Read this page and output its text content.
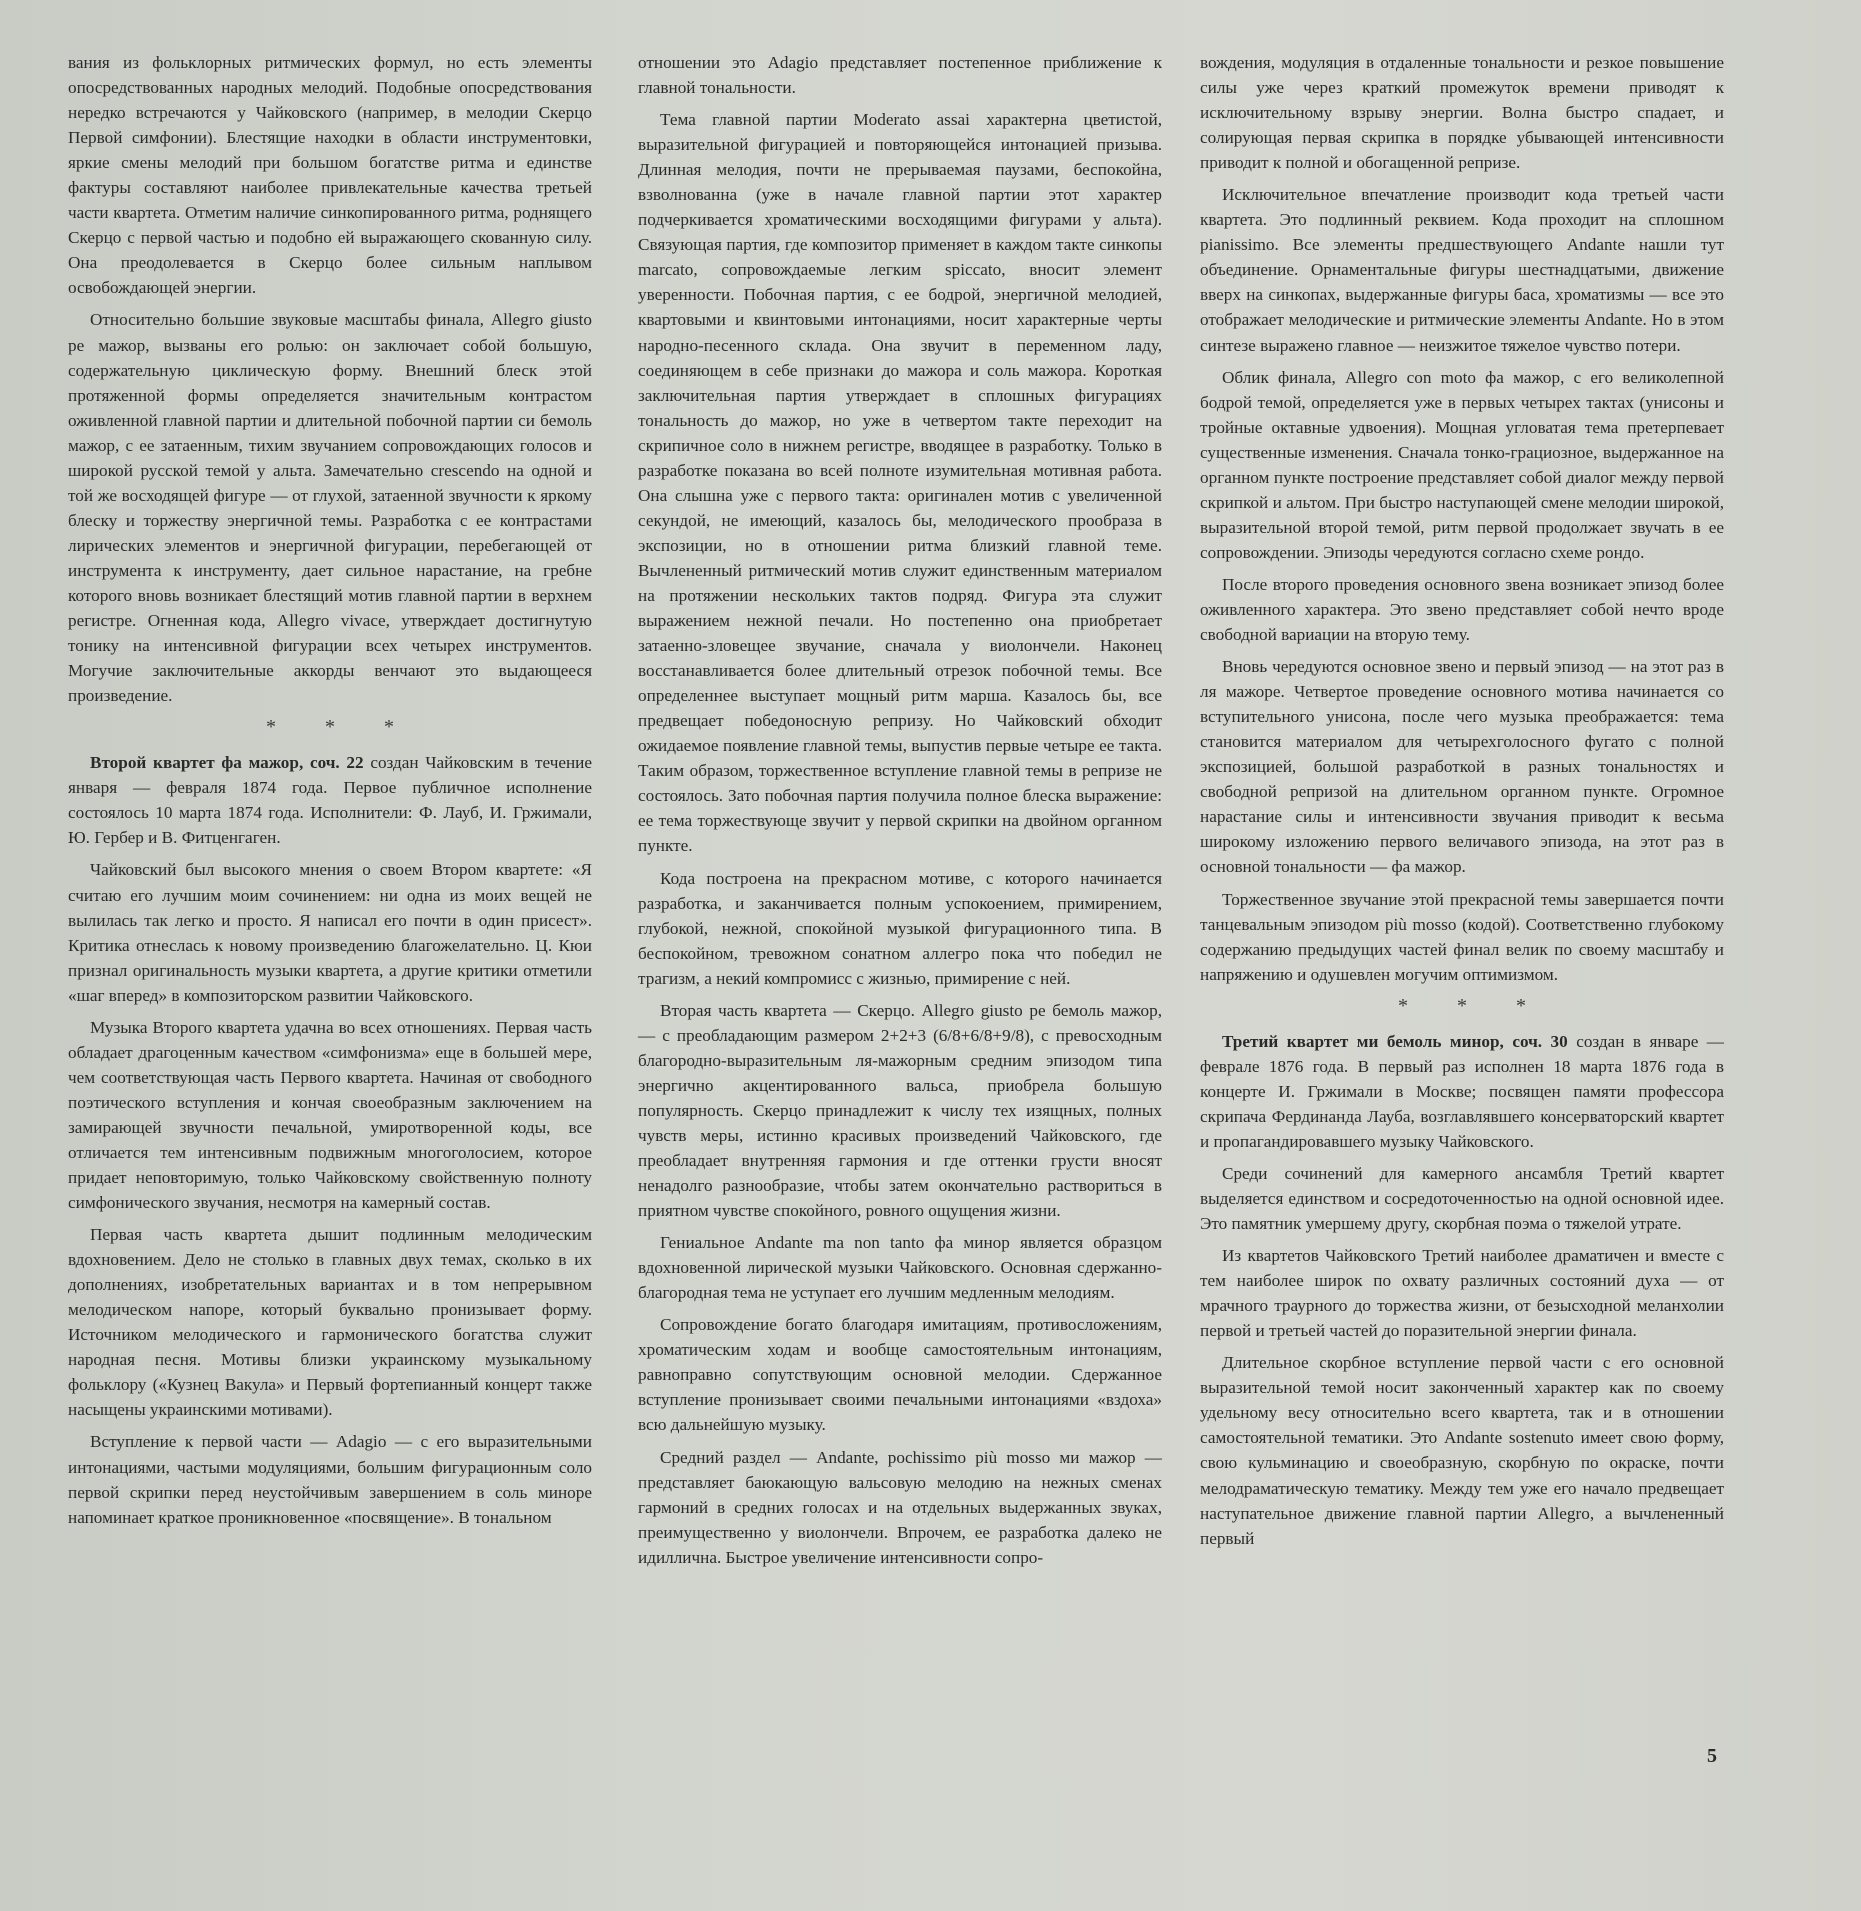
вания из фольклорных ритмических формул, но есть элементы опосредствованных народных мелодий. Подобные опосредствования нередко встречаются у Чайковского (например, в мелодии Скерцо Первой симфонии). Блестящие находки в области инструментовки, яркие смены мелодий при большом богатстве ритма и единстве фактуры составляют наиболее привлекательные качества третьей части квартета. Отметим наличие синкопированного ритма, роднящего Скерцо с первой частью и подобно ей выражающего скованную силу. Она преодолевается в Скерцо более сильным наплывом освобождающей энергии.

Относительно большие звуковые масштабы финала, Allegro giusto ре мажор, вызваны его ролью: он заключает собой большую, содержательную циклическую форму. Внешний блеск этой протяженной формы определяется значительным контрастом оживленной главной партии и длительной побочной партии си бемоль мажор, с ее затаенным, тихим звучанием сопровождающих голосов и широкой русской темой у альта. Замечательно crescendo на одной и той же восходящей фигуре — от глухой, затаенной звучности к яркому блеску и торжеству энергичной темы. Разработка с ее контрастами лирических элементов и энергичной фигурации, перебегающей от инструмента к инструменту, дает сильное нарастание, на гребне которого вновь возникает блестящий мотив главной партии в верхнем регистре. Огненная кода, Allegro vivace, утверждает достигнутую тонику на интенсивной фигурации всех четырех инструментов. Могучие заключительные аккорды венчают это выдающееся произведение.

* * *

Второй квартет фа мажор, соч. 22 создан Чайковским в течение января — февраля 1874 года. Первое публичное исполнение состоялось 10 марта 1874 года. Исполнители: Ф. Лауб, И. Гржимали, Ю. Гербер и В. Фитценгаген.

Чайковский был высокого мнения о своем Втором квартете: «Я считаю его лучшим моим сочинением: ни одна из моих вещей не вылилась так легко и просто. Я написал его почти в один присест». Критика отнеслась к новому произведению благожелательно. Ц. Кюи признал оригинальность музыки квартета, а другие критики отметили «шаг вперед» в композиторском развитии Чайковского.

Музыка Второго квартета удачна во всех отношениях. Первая часть обладает драгоценным качеством «симфонизма» еще в большей мере, чем соответствующая часть Первого квартета. Начиная от свободного поэтического вступления и кончая своеобразным заключением на замирающей звучности печальной, умиротворенной коды, все отличается тем интенсивным подвижным многоголосием, которое придает неповторимую, только Чайковскому свойственную полноту симфонического звучания, несмотря на камерный состав.

Первая часть квартета дышит подлинным мелодическим вдохновением. Дело не столько в главных двух темах, сколько в их дополнениях, изобретательных вариантах и в том непрерывном мелодическом напоре, который буквально пронизывает форму. Источником мелодического и гармонического богатства служит народная песня. Мотивы близки украинскому музыкальному фольклору («Кузнец Вакула» и Первый фортепианный концерт также насыщены украинскими мотивами).

Вступление к первой части — Adagio — с его выразительными интонациями, частыми модуляциями, большим фигурационным соло первой скрипки перед неустойчивым завершением в соль миноре напоминает краткое проникновенное «посвящение». В тональном

отношении это Adagio представляет постепенное приближение к главной тональности.

Тема главной партии Moderato assai характерна цветистой, выразительной фигурацией и повторяющейся интонацией призыва. Длинная мелодия, почти не прерываемая паузами, беспокойна, взволнованна (уже в начале главной партии этот характер подчеркивается хроматическими восходящими фигурами у альта). Связующая партия, где композитор применяет в каждом такте синкопы marcato, сопровождаемые легким spiccato, вносит элемент уверенности. Побочная партия, с ее бодрой, энергичной мелодией, квартовыми и квинтовыми интонациями, носит характерные черты народно-песенного склада. Она звучит в переменном ладу, соединяющем в себе признаки до мажора и соль мажора. Короткая заключительная партия утверждает в сплошных фигурациях тональность до мажор, но уже в четвертом такте переходит на скрипичное соло в нижнем регистре, вводящее в разработку. Только в разработке показана во всей полноте изумительная мотивная работа. Она слышна уже с первого такта: оригинален мотив с увеличенной секундой, не имеющий, казалось бы, мелодического прообраза в экспозиции, но в отношении ритма близкий главной теме. Вычлененный ритмический мотив служит единственным материалом на протяжении нескольких тактов подряд. Фигура эта служит выражением нежной печали. Но постепенно она приобретает затаенно-зловещее звучание, сначала у виолончели. Наконец восстанавливается более длительный отрезок побочной темы. Все определеннее выступает мощный ритм марша. Казалось бы, все предвещает победоносную репризу. Но Чайковский обходит ожидаемое появление главной темы, выпустив первые четыре ее такта. Таким образом, торжественное вступление главной темы в репризе не состоялось. Зато побочная партия получила полное блеска выражение: ее тема торжествующе звучит у первой скрипки на двойном органном пункте.

Кода построена на прекрасном мотиве, с которого начинается разработка, и заканчивается полным успокоением, примирением, глубокой, нежной, спокойной музыкой фигурационного типа. В беспокойном, тревожном сонатном аллегро пока что победил не трагизм, а некий компромисс с жизнью, примирение с ней.

Вторая часть квартета — Скерцо. Allegro giusto ре бемоль мажор, — с преобладающим размером 2+2+3 (6/8+6/8+9/8), с превосходным благородно-выразительным ля-мажорным средним эпизодом типа энергично акцентированного вальса, приобрела большую популярность. Скерцо принадлежит к числу тех изящных, полных чувств меры, истинно красивых произведений Чайковского, где преобладает внутренняя гармония и где оттенки грусти вносят ненадолго разнообразие, чтобы затем окончательно раствориться в приятном чувстве спокойного, ровного ощущения жизни.

Гениальное Andante ma non tanto фа минор является образцом вдохновенной лирической музыки Чайковского. Основная сдержанно-благородная тема не уступает его лучшим медленным мелодиям.

Сопровождение богато благодаря имитациям, противосложениям, хроматическим ходам и вообще самостоятельным интонациям, равноправно сопутствующим основной мелодии. Сдержанное вступление пронизывает своими печальными интонациями «вздоха» всю дальнейшую музыку.

Средний раздел — Andante, pochissimo più mosso ми мажор — представляет баюкающую вальсовую мелодию на нежных сменах гармоний в средних голосах и на отдельных выдержанных звуках, преимущественно у виолончели. Впрочем, ее разработка далеко не идиллична. Быстрое увеличение интенсивности сопро-

вождения, модуляция в отдаленные тональности и резкое повышение силы уже через краткий промежуток времени приводят к исключительному взрыву энергии. Волна быстро спадает, и солирующая первая скрипка в порядке убывающей интенсивности приводит к полной и обогащенной репризе.

Исключительное впечатление производит кода третьей части квартета. Это подлинный реквием. Кода проходит на сплошном pianissimo. Все элементы предшествующего Andante нашли тут объединение. Орнаментальные фигуры шестнадцатыми, движение вверх на синкопах, выдержанные фигуры баса, хроматизмы — все это отображает мелодические и ритмические элементы Andante. Но в этом синтезе выражено главное — неизжитое тяжелое чувство потери.

Облик финала, Allegro con moto фа мажор, с его великолепной бодрой темой, определяется уже в первых четырех тактах (унисоны и тройные октавные удвоения). Мощная угловатая тема претерпевает существенные изменения. Сначала тонко-грациозное, выдержанное на органном пункте построение представляет собой диалог между первой скрипкой и альтом. При быстро наступающей смене мелодии широкой, выразительной второй темой, ритм первой продолжает звучать в ее сопровождении. Эпизоды чередуются согласно схеме рондо.

После второго проведения основного звена возникает эпизод более оживленного характера. Это звено представляет собой нечто вроде свободной вариации на вторую тему.

Вновь чередуются основное звено и первый эпизод — на этот раз в ля мажоре. Четвертое проведение основного мотива начинается со вступительного унисона, после чего музыка преображается: тема становится материалом для четырехголосного фугато с полной экспозицией, большой разработкой в разных тональностях и свободной репризой на длительном органном пункте. Огромное нарастание силы и интенсивности звучания приводит к весьма широкому изложению первого величавого эпизода, на этот раз в основной тональности — фа мажор.

Торжественное звучание этой прекрасной темы завершается почти танцевальным эпизодом più mosso (кодой). Соответственно глубокому содержанию предыдущих частей финал велик по своему масштабу и напряжению и одушевлен могучим оптимизмом.

* * *

Третий квартет ми бемоль минор, соч. 30 создан в январе — феврале 1876 года. В первый раз исполнен 18 марта 1876 года в концерте И. Гржимали в Москве; посвящен памяти профессора скрипача Фердинанда Лауба, возглавлявшего консерваторский квартет и пропагандировавшего музыку Чайковского.

Среди сочинений для камерного ансамбля Третий квартет выделяется единством и сосредоточенностью на одной основной идее. Это памятник умершему другу, скорбная поэма о тяжелой утрате.

Из квартетов Чайковского Третий наиболее драматичен и вместе с тем наиболее широк по охвату различных состояний духа — от мрачного траурного до торжества жизни, от безысходной меланхолии первой и третьей частей до поразительной энергии финала.

Длительное скорбное вступление первой части с его основной выразительной темой носит законченный характер как по своему удельному весу относительно всего квартета, так и в отношении самостоятельной тематики. Это Andante sostenuto имеет свою форму, свою кульминацию и своеобразную, скорбную по окраске, почти мелодраматическую тематику. Между тем уже его начало предвещает наступательное движение главной партии Allegro, а вычлененный первый

5
